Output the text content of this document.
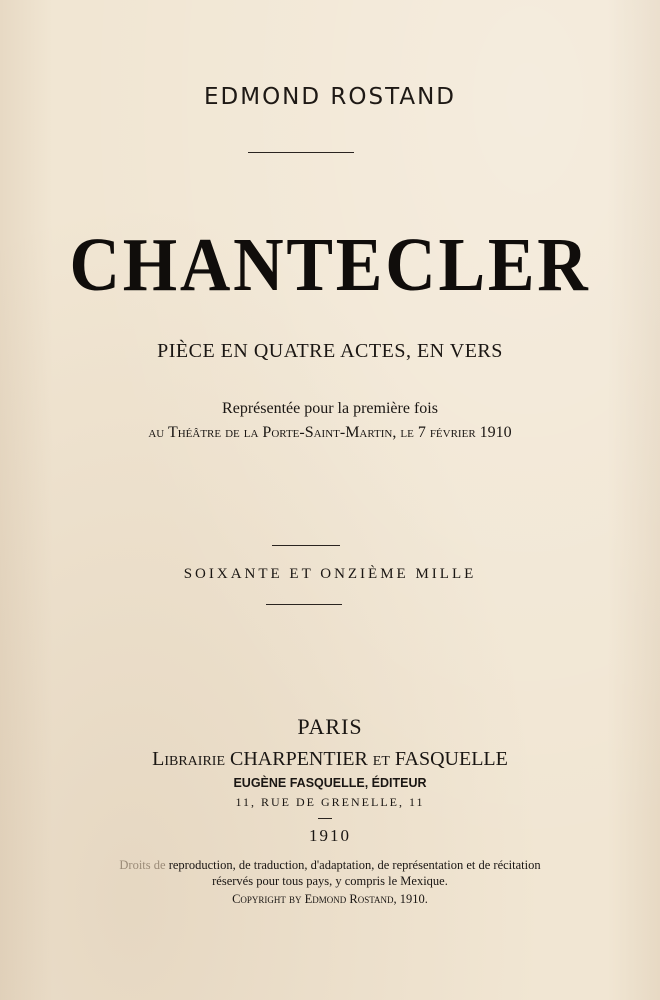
EDMOND ROSTAND
CHANTECLER
PIÈCE EN QUATRE ACTES, EN VERS
Représentée pour la première fois
au Théâtre de la Porte-Saint-Martin, le 7 février 1910
SOIXANTE ET ONZIÈME MILLE
PARIS
Librairie CHARPENTIER et FASQUELLE
EUGÈNE FASQUELLE, ÉDITEUR
11, RUE DE GRENELLE, 11
1910
Droits de reproduction, de traduction, d'adaptation, de représentation et de récitation
réservés pour tous pays, y compris le Mexique.
Copyright by Edmond Rostand, 1910.
